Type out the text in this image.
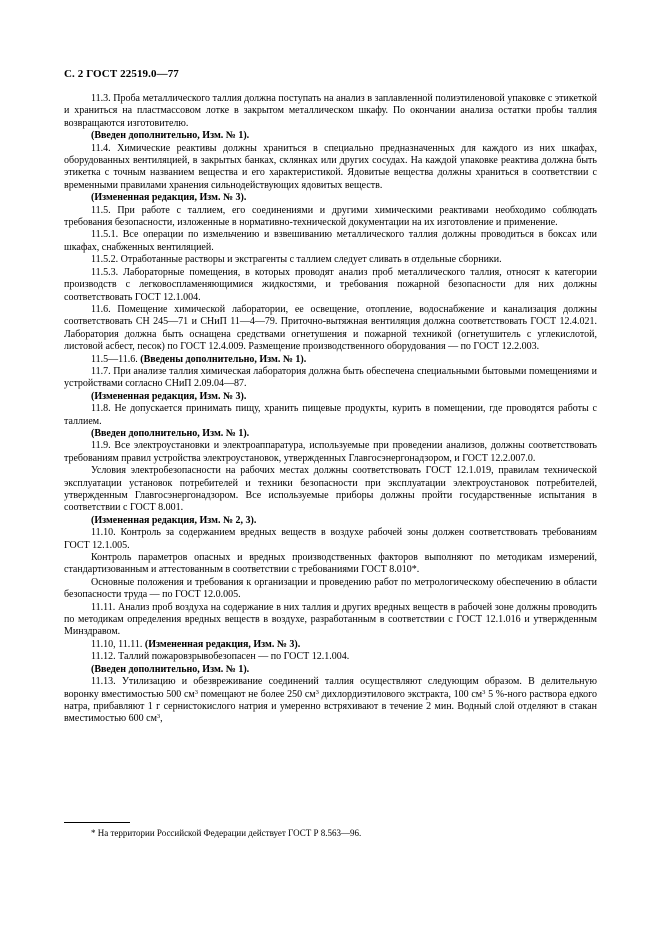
С. 2 ГОСТ 22519.0—77

11.3. Проба металлического таллия должна поступать на анализ в заплавленной полиэтиленовой упаковке с этикеткой и храниться на пластмассовом лотке в закрытом металлическом шкафу. По окончании анализа остатки пробы таллия возвращаются изготовителю.

(Введен дополнительно, Изм. № 1).

11.4. Химические реактивы должны храниться в специально предназначенных для каждого из них шкафах, оборудованных вентиляцией, в закрытых банках, склянках или других сосудах. На каждой упаковке реактива должна быть этикетка с точным названием вещества и его характеристикой. Ядовитые вещества должны храниться в соответствии с временными правилами хранения сильнодействующих ядовитых веществ.

(Измененная редакция, Изм. № 3).

11.5. При работе с таллием, его соединениями и другими химическими реактивами необходимо соблюдать требования безопасности, изложенные в нормативно-технической документации на их изготовление и применение.

11.5.1. Все операции по измельчению и взвешиванию металлического таллия должны проводиться в боксах или шкафах, снабженных вентиляцией.

11.5.2. Отработанные растворы и экстрагенты с таллием следует сливать в отдельные сборники.

11.5.3. Лабораторные помещения, в которых проводят анализ проб металлического таллия, относят к категории производств с легковоспламеняющимися жидкостями, и требования пожарной безопасности для них должны соответствовать ГОСТ 12.1.004.

11.6. Помещение химической лаборатории, ее освещение, отопление, водоснабжение и канализация должны соответствовать СН 245—71 и СНиП 11—4—79. Приточно-вытяжная вентиляция должна соответствовать ГОСТ 12.4.021. Лаборатория должна быть оснащена средствами огнетушения и пожарной техникой (огнетушитель с углекислотой, листовой асбест, песок) по ГОСТ 12.4.009. Размещение производственного оборудования — по ГОСТ 12.2.003.

11.5—11.6. (Введены дополнительно, Изм. № 1).

11.7. При анализе таллия химическая лаборатория должна быть обеспечена специальными бытовыми помещениями и устройствами согласно СНиП 2.09.04—87.

(Измененная редакция, Изм. № 3).

11.8. Не допускается принимать пищу, хранить пищевые продукты, курить в помещении, где проводятся работы с таллием.

(Введен дополнительно, Изм. № 1).

11.9. Все электроустановки и электроаппаратура, используемые при проведении анализов, должны соответствовать требованиям правил устройства электроустановок, утвержденных Главгосэнергонадзором, и ГОСТ 12.2.007.0.

Условия электробезопасности на рабочих местах должны соответствовать ГОСТ 12.1.019, правилам технической эксплуатации установок потребителей и техники безопасности при эксплуатации электроустановок потребителей, утвержденным Главгосэнергонадзором. Все используемые приборы должны пройти государственные испытания в соответствии с ГОСТ 8.001.

(Измененная редакция, Изм. № 2, 3).

11.10. Контроль за содержанием вредных веществ в воздухе рабочей зоны должен соответствовать требованиям ГОСТ 12.1.005.

Контроль параметров опасных и вредных производственных факторов выполняют по методикам измерений, стандартизованным и аттестованным в соответствии с требованиями ГОСТ 8.010*.

Основные положения и требования к организации и проведению работ по метрологическому обеспечению в области безопасности труда — по ГОСТ 12.0.005.

11.11. Анализ проб воздуха на содержание в них таллия и других вредных веществ в рабочей зоне должны проводить по методикам определения вредных веществ в воздухе, разработанным в соответствии с ГОСТ 12.1.016 и утвержденным Минздравом.

11.10, 11.11. (Измененная редакция, Изм. № 3).

11.12. Таллий пожаровзрывобезопасен — по ГОСТ 12.1.004.

(Введен дополнительно, Изм. № 1).

11.13. Утилизацию и обезвреживание соединений таллия осуществляют следующим образом. В делительную воронку вместимостью 500 $см^3$ помещают не более 250 $см^3$ дихлордиэтилового экстракта, 100 $см^3$ 5 %-ного раствора едкого натра, прибавляют 1 г сернистокислого натрия и умеренно встряхивают в течение 2 мин. Водный слой отделяют в стакан вместимостью 600 $см^3$,

* На территории Российской Федерации действует ГОСТ Р 8.563—96.
